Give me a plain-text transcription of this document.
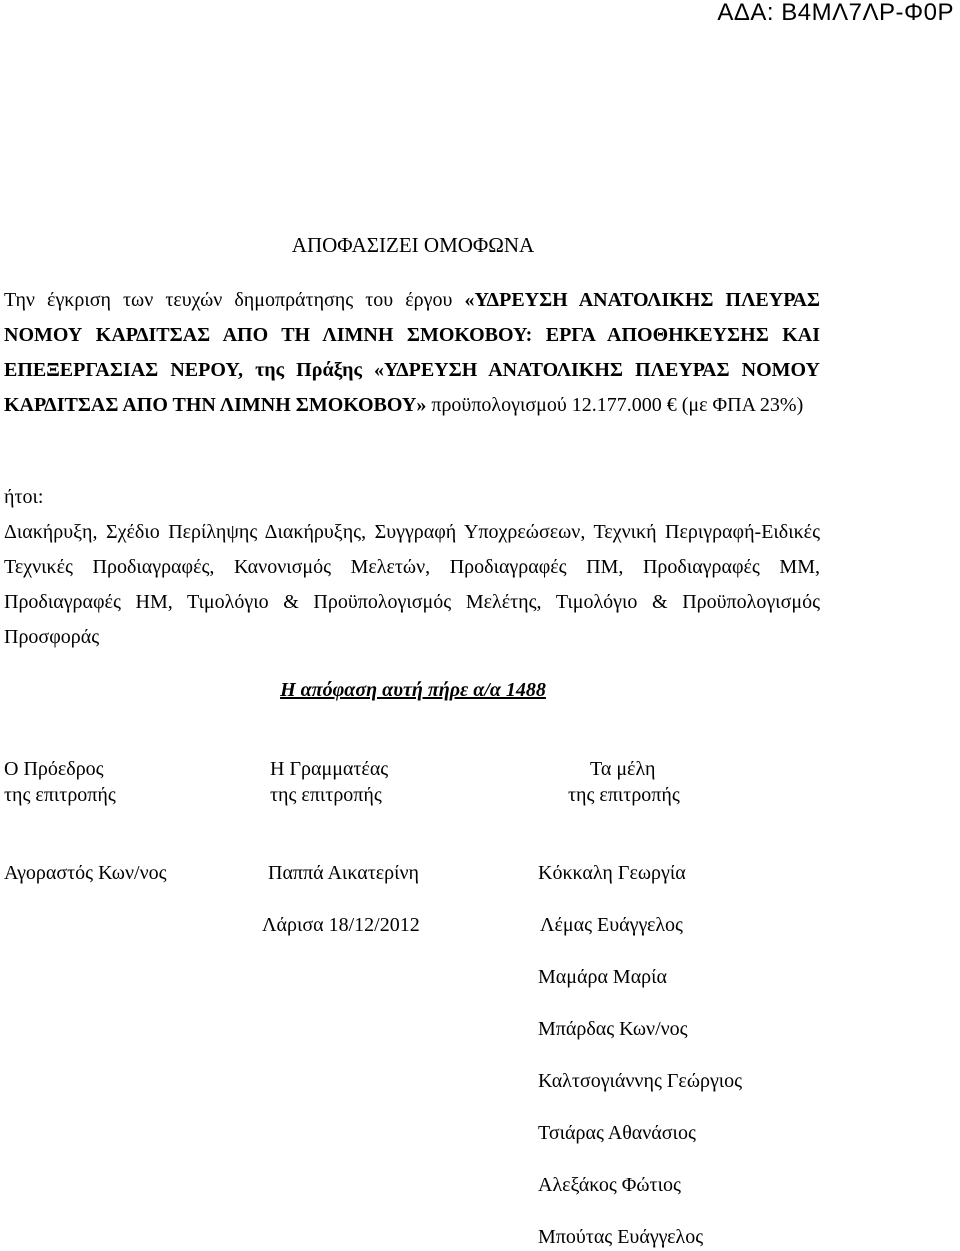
ΑΔΑ: Β4ΜΛ7ΛΡ-Φ0Ρ
ΑΠΟΦΑΣΙΖΕΙ ΟΜΟΦΩΝΑ
Την έγκριση των τευχών δημοπράτησης του έργου «ΥΔΡΕΥΣΗ ΑΝΑΤΟΛΙΚΗΣ ΠΛΕΥΡΑΣ ΝΟΜΟΥ ΚΑΡΔΙΤΣΑΣ ΑΠΟ ΤΗ ΛΙΜΝΗ ΣΜΟΚΟΒΟΥ: ΕΡΓΑ ΑΠΟΘΗΚΕΥΣΗΣ ΚΑΙ ΕΠΕΞΕΡΓΑΣΙΑΣ ΝΕΡΟΥ, της Πράξης «ΥΔΡΕΥΣΗ ΑΝΑΤΟΛΙΚΗΣ ΠΛΕΥΡΑΣ ΝΟΜΟΥ ΚΑΡΔΙΤΣΑΣ ΑΠΟ ΤΗΝ ΛΙΜΝΗ ΣΜΟΚΟΒΟΥ» προϋπολογισμού 12.177.000 € (με ΦΠΑ 23%)
ήτοι:
Διακήρυξη, Σχέδιο Περίληψης Διακήρυξης, Συγγραφή Υποχρεώσεων, Τεχνική Περιγραφή-Ειδικές Τεχνικές Προδιαγραφές, Κανονισμός Μελετών, Προδιαγραφές ΠΜ, Προδιαγραφές ΜΜ, Προδιαγραφές ΗΜ, Τιμολόγιο & Προϋπολογισμός Μελέτης, Τιμολόγιο & Προϋπολογισμός Προσφοράς
Η απόφαση αυτή πήρε α/α 1488
Ο Πρόεδρος
της επιτροπής
Η Γραμματέας
της επιτροπής
Τα μέλη
της επιτροπής
Αγοραστός Κων/νος	Παππά Αικατερίνη
Λάρισα 18/12/2012
Κόκκαλη Γεωργία
Λέμας Ευάγγελος
Μαμάρα Μαρία
Μπάρδας Κων/νος
Καλτσογιάννης Γεώργιος
Τσιάρας Αθανάσιος
Αλεξάκος Φώτιος
Μπούτας Ευάγγελος
